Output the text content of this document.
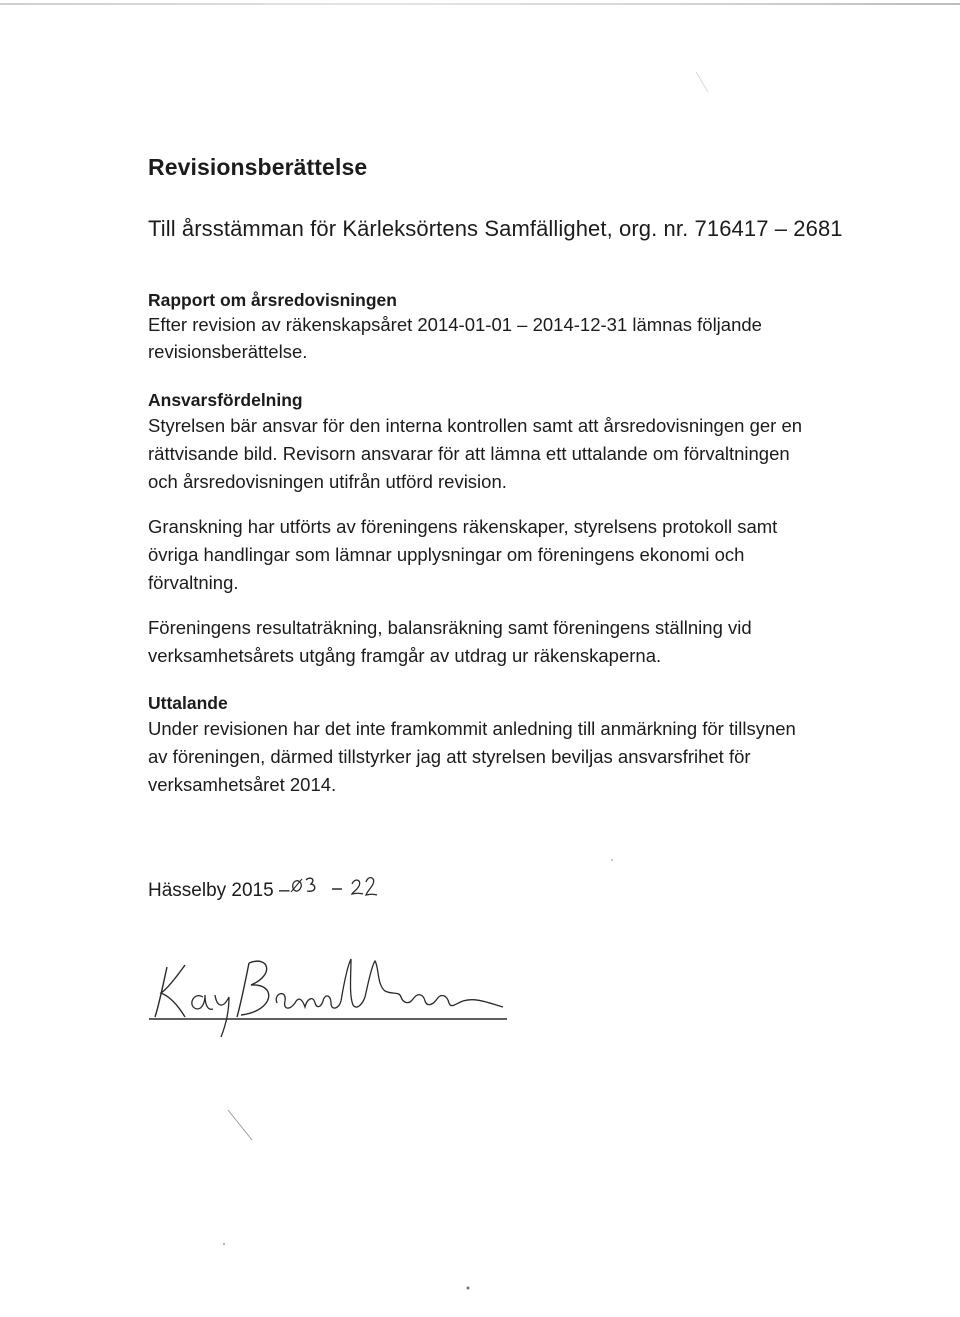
Revisionsberättelse
Till årsstämman för Kärleksörtens Samfällighet, org. nr. 716417 – 2681
Rapport om årsredovisningen
Efter revision av räkenskapsåret 2014-01-01 – 2014-12-31 lämnas följande
revisionsberättelse.
Ansvarsfördelning
Styrelsen bär ansvar för den interna kontrollen samt att årsredovisningen ger en
rättvisande bild. Revisorn ansvarar för att lämna ett uttalande om förvaltningen
och årsredovisningen utifrån utförd revision.
Granskning har utförts av föreningens räkenskaper, styrelsens protokoll samt
övriga handlingar som lämnar upplysningar om föreningens ekonomi och
förvaltning.
Föreningens resultaträkning, balansräkning samt föreningens ställning vid
verksamhetsårets utgång framgår av utdrag ur räkenskaperna.
Uttalande
Under revisionen har det inte framkommit anledning till anmärkning för tillsynen
av föreningen, därmed tillstyrker jag att styrelsen beviljas ansvarsfrihet för
verksamhetsåret 2014.
Hässelby 2015 –
